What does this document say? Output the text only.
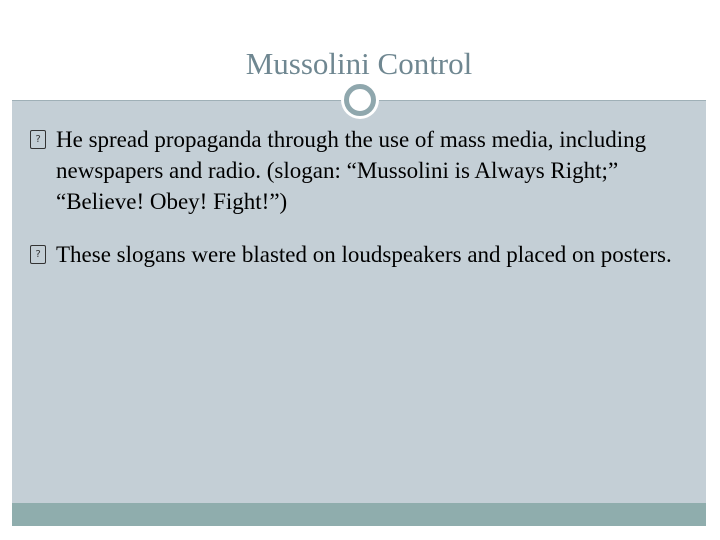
Mussolini Control
? He spread propaganda through the use of mass media, including newspapers and radio. (slogan: “Mussolini is Always Right;” “Believe! Obey! Fight!”)
? These slogans were blasted on loudspeakers and placed on posters.
